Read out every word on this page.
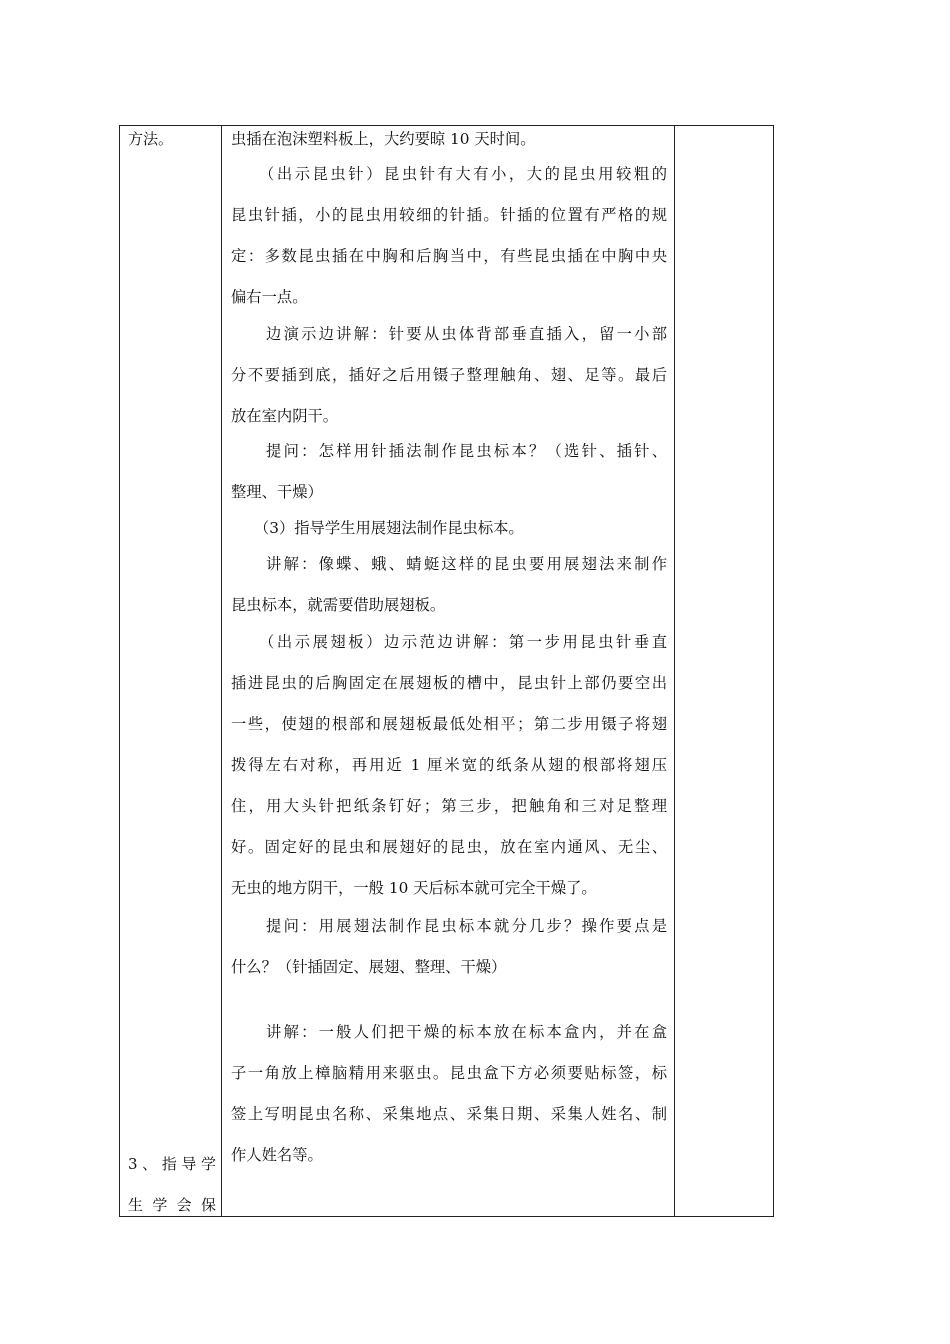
方法。
3、指导学
生 学 会 保
虫插在泡沫塑料板上，大约要晾 10 天时间。
　　（出示昆虫针）昆虫针有大有小，大的昆虫用较粗的
昆虫针插，小的昆虫用较细的针插。针插的位置有严格的规
定：多数昆虫插在中胸和后胸当中，有些昆虫插在中胸中央
偏右一点。
　　边演示边讲解：针要从虫体背部垂直插入，留一小部
分不要插到底，插好之后用镊子整理触角、翅、足等。最后
放在室内阴干。
　　提问：怎样用针插法制作昆虫标本？（选针、插针、
整理、干燥）
　　（3）指导学生用展翅法制作昆虫标本。
　　讲解：像蝶、蛾、蜻蜓这样的昆虫要用展翅法来制作
昆虫标本，就需要借助展翅板。
　　（出示展翅板）边示范边讲解：第一步用昆虫针垂直
插进昆虫的后胸固定在展翅板的槽中，昆虫针上部仍要空出
一些，使翅的根部和展翅板最低处相平；第二步用镊子将翅
拨得左右对称，再用近 1 厘米宽的纸条从翅的根部将翅压
住，用大头针把纸条钉好；第三步，把触角和三对足整理
好。固定好的昆虫和展翅好的昆虫，放在室内通风、无尘、
无虫的地方阴干，一般 10 天后标本就可完全干燥了。
　　提问：用展翅法制作昆虫标本就分几步？操作要点是
什么？（针插固定、展翅、整理、干燥）
　　讲解：一般人们把干燥的标本放在标本盒内，并在盒
子一角放上樟脑精用来驱虫。昆虫盒下方必须要贴标签，标
签上写明昆虫名称、采集地点、采集日期、采集人姓名、制
作人姓名等。
